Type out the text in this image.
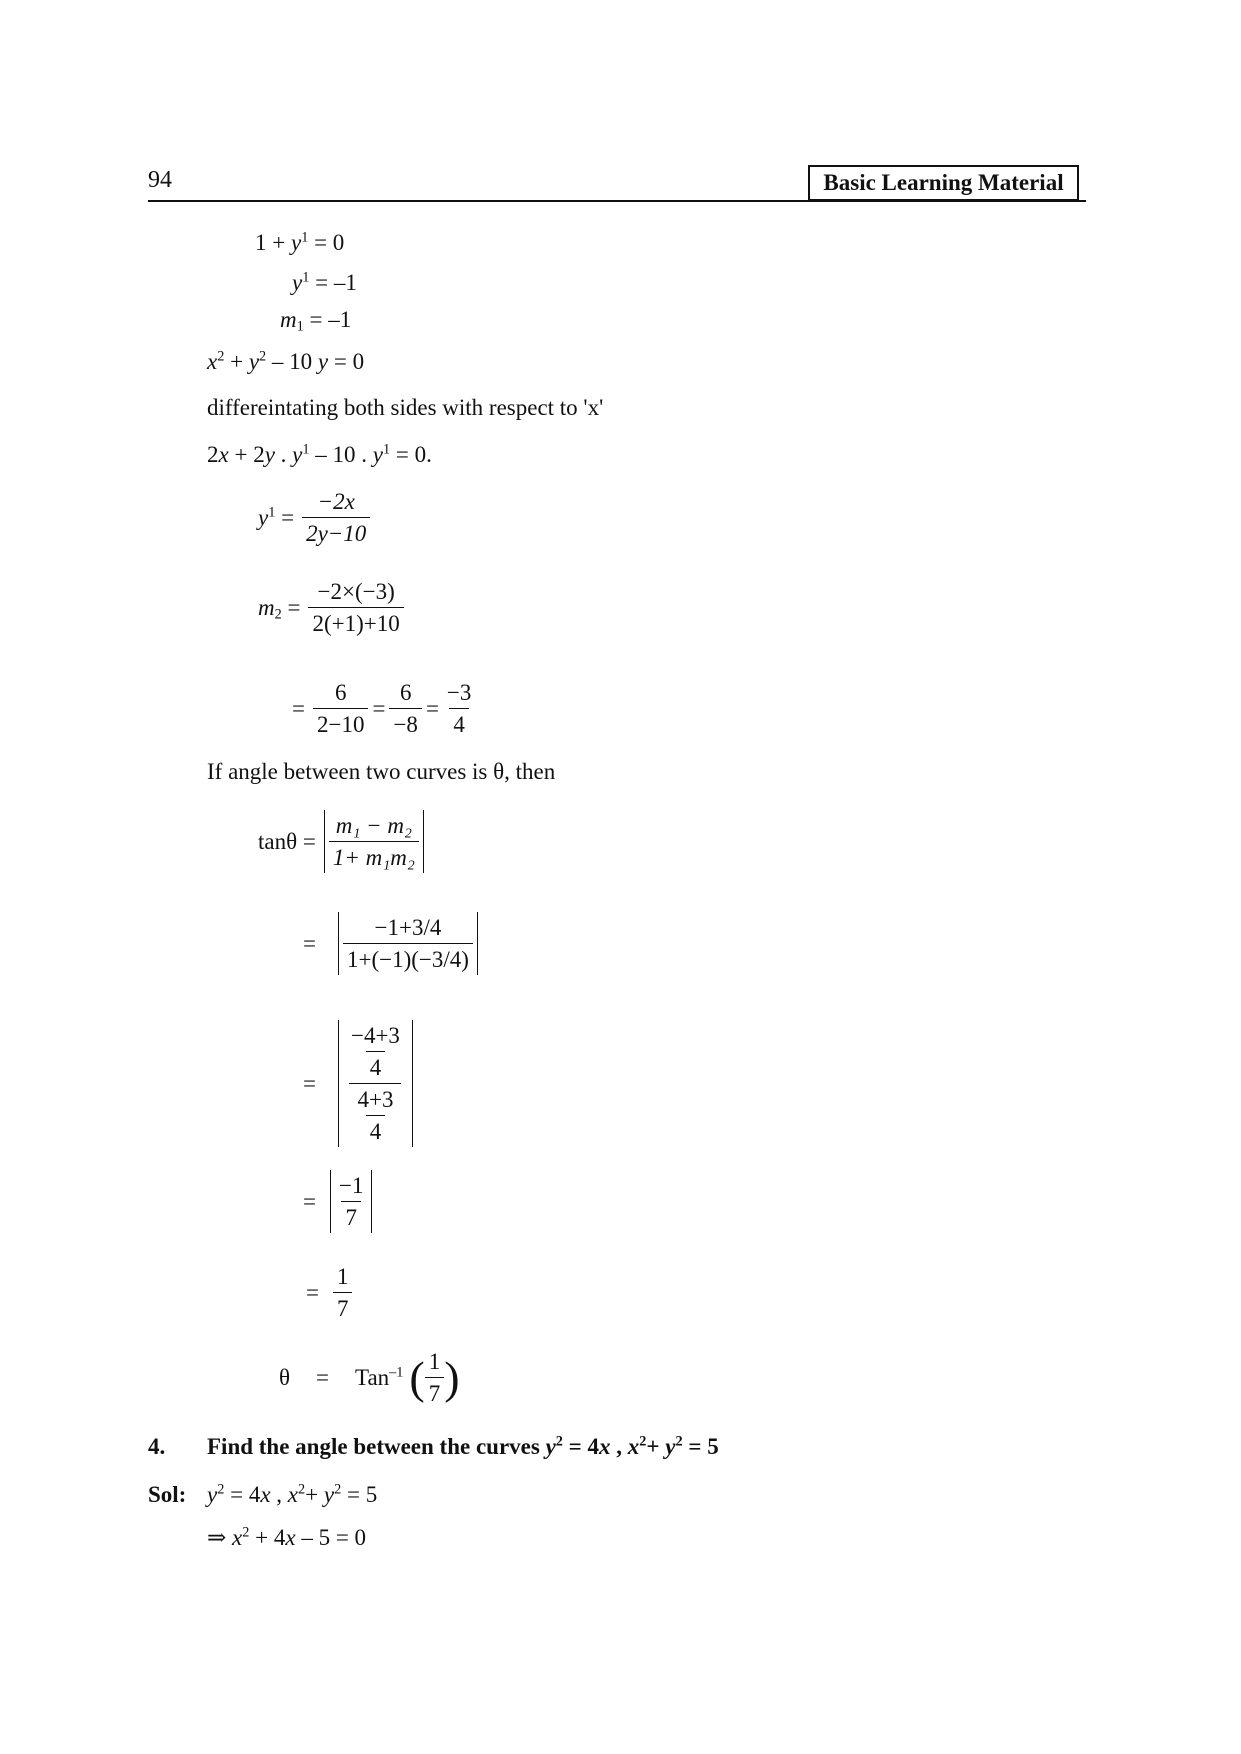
94	Basic Learning Material
$1 + y^1 = 0$
$y^1 = -1$
$m_1 = -1$
$x^2 + y^2 - 10$ y = 0
differeintating both sides with respect to 'x'
2x + 2y . $y^1 - 10$ . $y^1 = 0$.
$y^1 = \frac{-2x}{2y-10}$
$m_2 = \frac{-2\times(-3)}{2(+1)+10}$
= $\frac{6}{2-10} = \frac{6}{-8} = \frac{-3}{4}$
If angle between two curves is θ, then
$\tan\theta = \frac{\text{m₁ − m₂}}{\text{1+ m₁m₂}}$
= $\frac{-1+3/4}{1+(-1)(-3/4)}$
= $\frac{\frac{-4+3}{4}}{\frac{4+3}{4}}$
= $\frac{-1}{7}$
= $\frac{1}{7}$
θ = Tan$^{-1}$ ( $\frac{1}{7}$ )
4. Find the angle between the curves $y^2 = 4x$ , $x^2+ y^2 = 5$
Sol: $y^2 = 4x$ , $x^2+ y^2 = 5$
⇒ $x^2 + 4x - 5 = 0$
